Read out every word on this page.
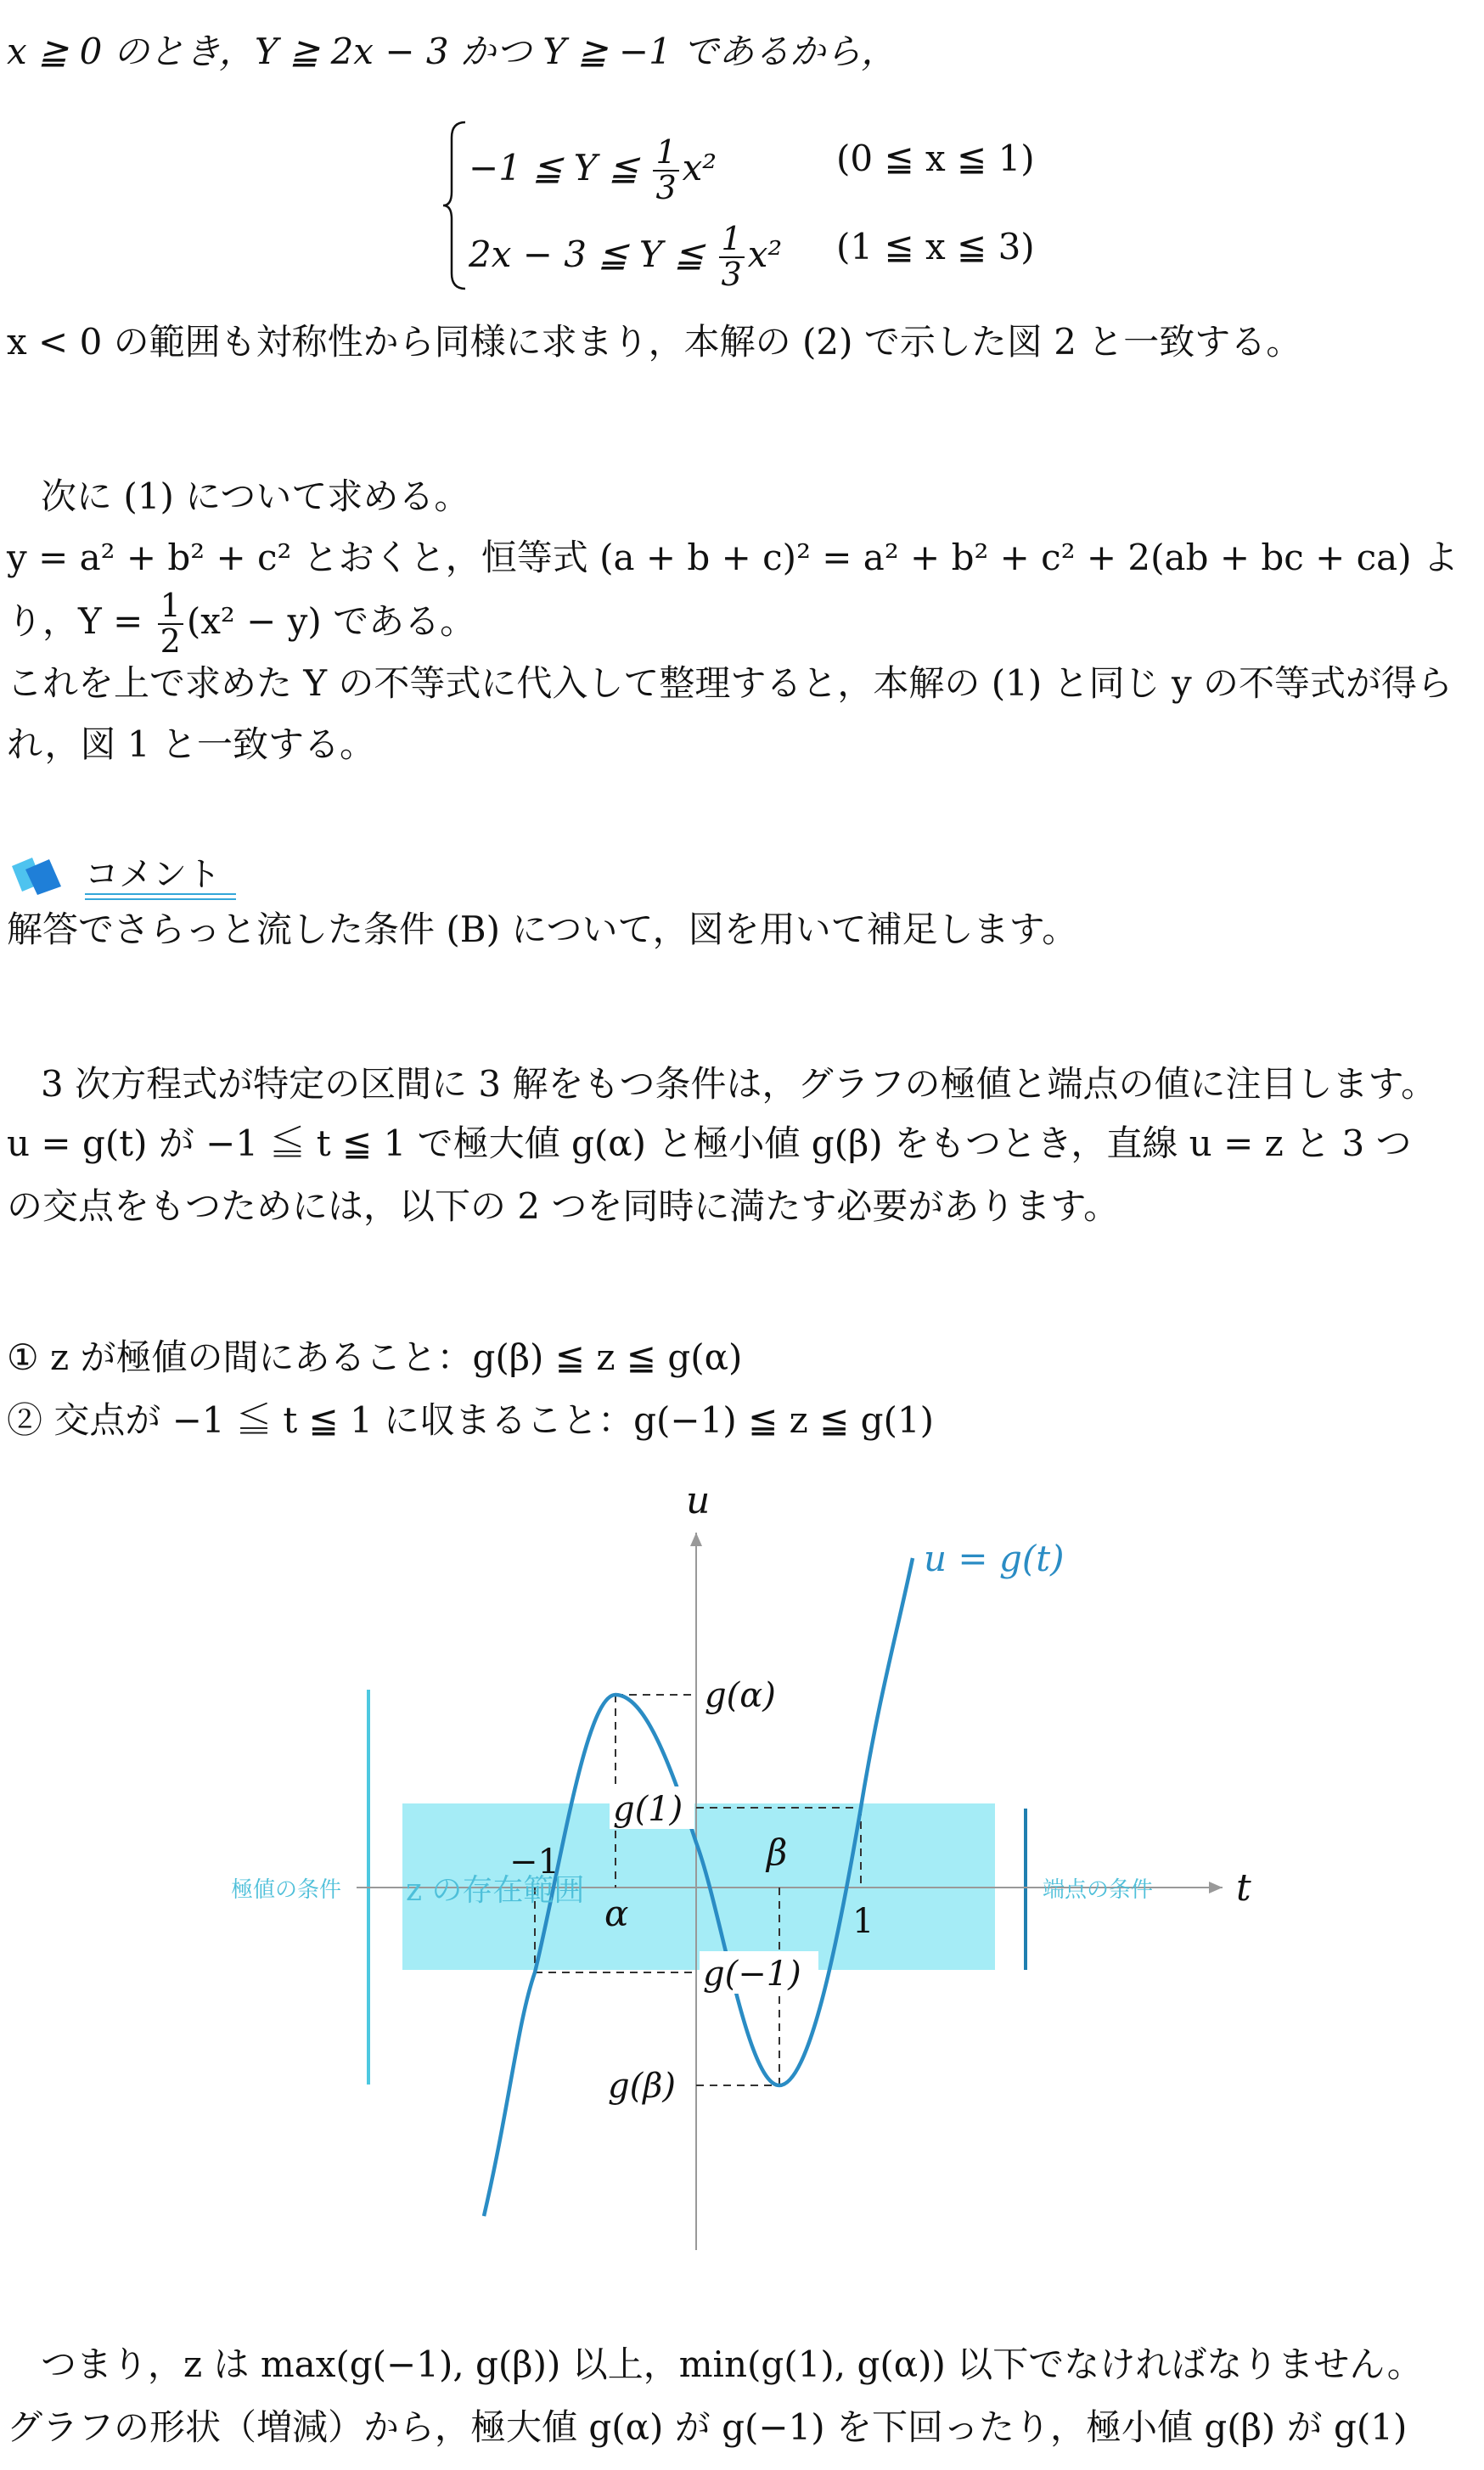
x ≧ 0 のとき，Y ≧ 2x − 3 かつ Y ≧ −1 であるから，
−1 ≦ Y ≦ $\frac{1}{3} x^2$	(0 ≦ x ≦ 1)
2x − 3 ≦ Y ≦ $\frac{1}{3} x^2$ (1 ≦ x ≦ 3)
x < 0 の範囲も対称性から同様に求まり，本解の (2) で示した図 2 と一致する。
次に (1) について求める。
y = a² + b² + c² とおくと，恒等式 (a + b + c)² = a² + b² + c² + 2(ab + bc + ca) よ
り，$Y = \frac{1}{2} (x^2 - y)$ である。
これを上で求めた Y の不等式に代入して整理すると，本解の (1) と同じ y の不等式が得ら
れ，図 1 と一致する。
コメント
解答でさらっと流した条件 (B) について，図を用いて補足します。
3 次方程式が特定の区間に 3 解をもつ条件は，グラフの極値と端点の値に注目します。
u = g(t) が −1 ≦ t ≦ 1 で極大値 g(α) と極小値 g(β) をもつとき，直線 u = z と 3 つ
の交点をもつためには，以下の 2 つを同時に満たす必要があります。
① z が極値の間にあること：g(β) ≦ z ≦ g(α)
② 交点が −1 ≦ t ≦ 1 に収まること：g(−1) ≦ z ≦ g(1)
u = g(t)
u
t
g(α)
g(1)
g(−1)
g(β)
−1
1
α
β
z の存在範囲
極値の条件	端点の条件
つまり，z は max(g(−1), g(β)) 以上，min(g(1), g(α)) 以下でなければなりません。
グラフの形状（増減）から，極大値 g(α) が g(−1) を下回ったり，極小値 g(β) が g(1)
